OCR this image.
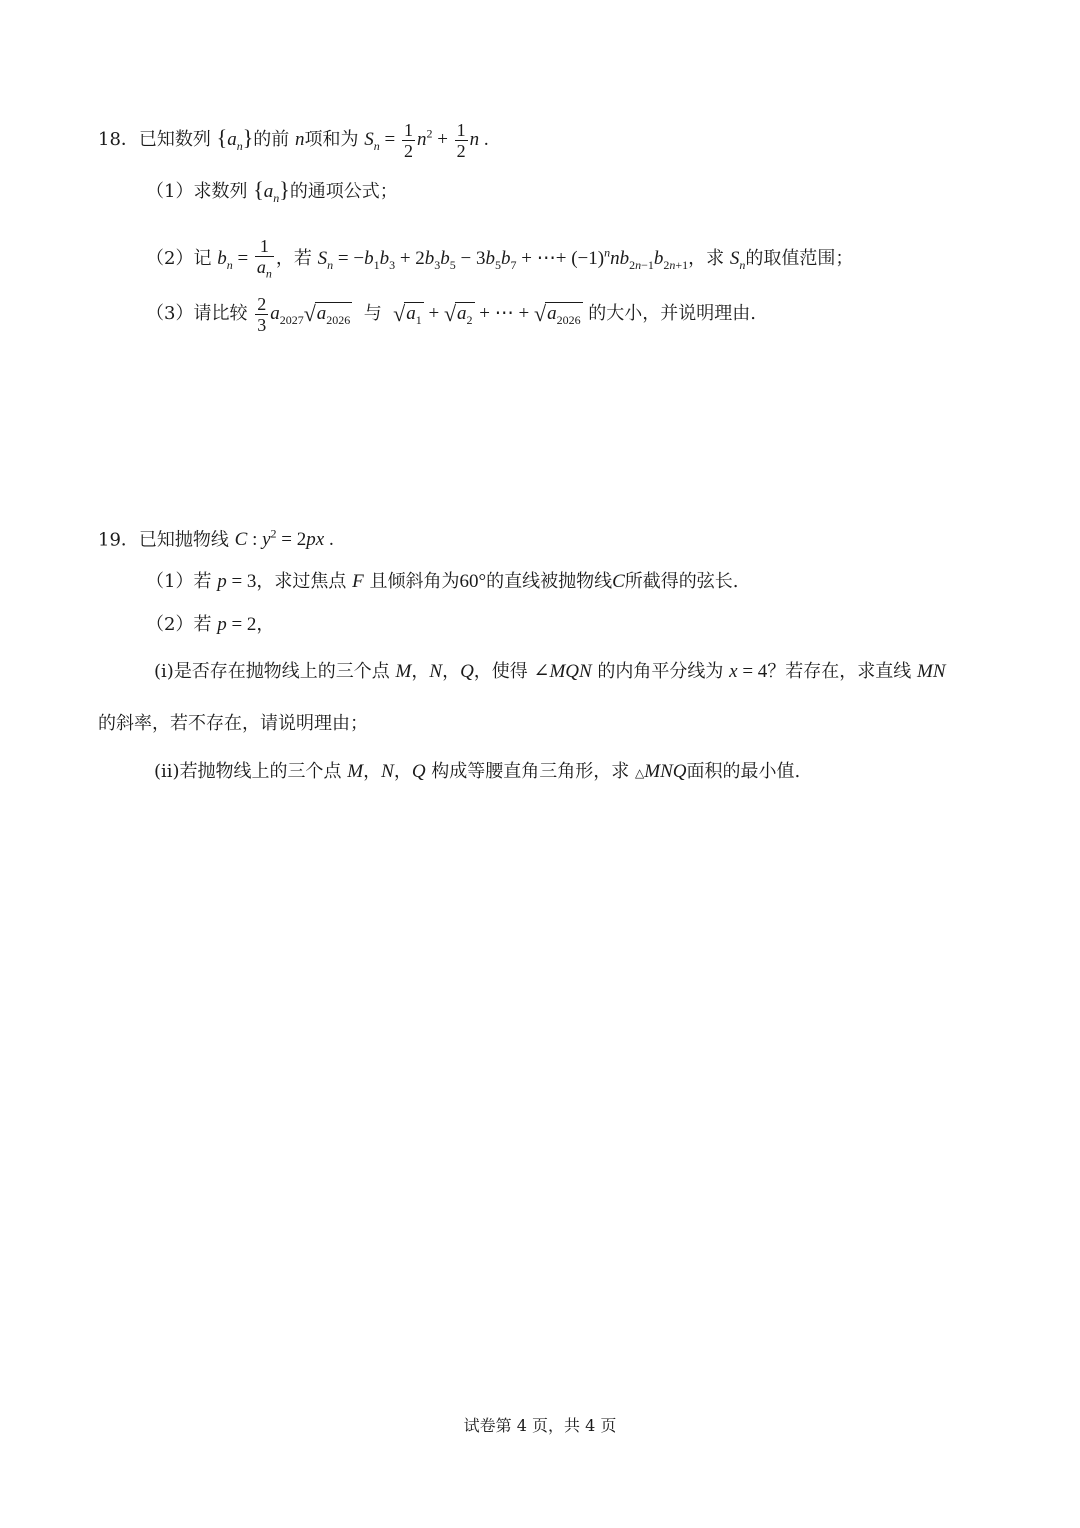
18．已知数列 $\{a_n\}$的前 n项和为 $S_n = \frac{1}{2} n^2 + \frac{1}{2}$ n .
（1）求数列 $\{a_n\}$的通项公式；
（2）记 $b_n = \frac{1}{a_n}$ ，若 $S_n = -b_1b_3 + 2b_3b_5 - 3b_5b_7$ + ⋯+ $(-1)^nnb_{2n-1}b_{2n+1}$，求 $S_n$的取值范围；
（3）请比较 $\frac{2}{3} a_{2027}√a_{2026}$ 与 $√a_1 + √a_2$ + ⋯ + $√a_{2026}$ 的大小，并说明理由.
19．已知抛物线 C : $y^2 = 2px$ .
（1）若 p = 3，求过焦点 F 且倾斜角为60°的直线被抛物线C所截得的弦长.
（2）若 p = 2，
(i)是否存在抛物线上的三个点 M，N，Q，使得 ∠MQN 的内角平分线为 x = 4？若存在，求直线 MN
的斜率，若不存在，请说明理由；
(ii)若抛物线上的三个点 M，N，Q 构成等腰直角三角形，求 △MNQ面积的最小值.
试卷第 4 页，共 4 页
